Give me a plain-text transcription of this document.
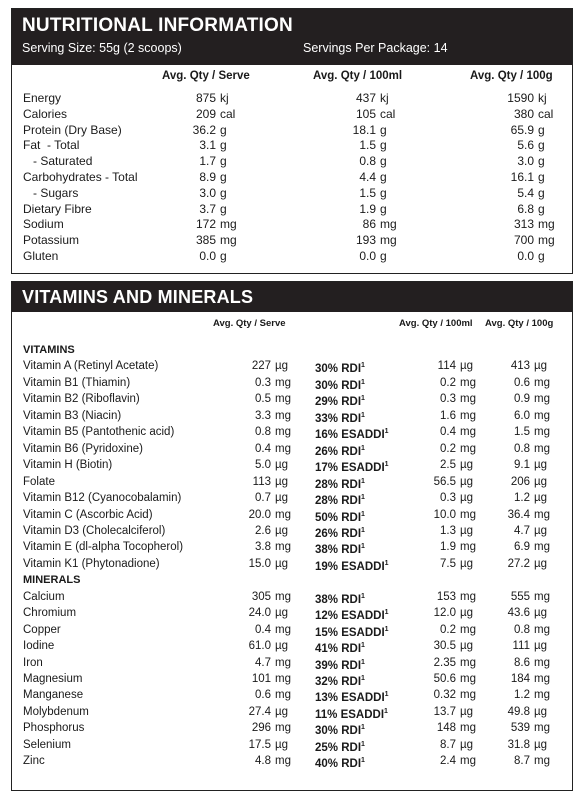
NUTRITIONAL INFORMATION
Serving Size: 55g (2 scoops)	Servings Per Package: 14
Avg. Qty / Serve	Avg. Qty / 100ml	Avg. Qty / 100g
Energy	875 kj	437 kj	1590 kj
Calories	209 cal	105 cal	380 cal
Protein (Dry Base)	36.2 g	18.1 g	65.9 g
Fat  - Total	3.1 g	1.5 g	5.6 g
- Saturated	1.7 g	0.8 g	3.0 g
Carbohydrates - Total	8.9 g	4.4 g	16.1 g
- Sugars	3.0 g	1.5 g	5.4 g
Dietary Fibre	3.7 g	1.9 g	6.8 g
Sodium	172 mg	86 mg	313 mg
Potassium	385 mg	193 mg	700 mg
Gluten	0.0 g	0.0 g	0.0 g
VITAMINS AND MINERALS
Avg. Qty / Serve	Avg. Qty / 100ml Avg. Qty / 100g
VITAMINS
Vitamin A (Retinyl Acetate)	227 µg 30% RDI$^1$	114 µg	413 µg
Vitamin B1 (Thiamin)	0.3 mg 30% RDI$^1$	0.2 mg	0.6 mg
Vitamin B2 (Riboflavin)	0.5 mg 29% RDI$^1$	0.3 mg	0.9 mg
Vitamin B3 (Niacin)	3.3 mg 33% RDI$^1$	1.6 mg	6.0 mg
Vitamin B5 (Pantothenic acid)	0.8 mg 16% ESADDI$^1$	0.4 mg	1.5 mg
Vitamin B6 (Pyridoxine)	0.4 mg 26% RDI$^1$	0.2 mg	0.8 mg
Vitamin H (Biotin)	5.0 µg 17% ESADDI$^1$	2.5 µg	9.1 µg
Folate	113 µg 28% RDI$^1$	56.5 µg	206 µg
Vitamin B12 (Cyanocobalamin)	0.7 µg 28% RDI$^1$	0.3 µg	1.2 µg
Vitamin C (Ascorbic Acid)	20.0 mg 50% RDI$^1$	10.0 mg	36.4 mg
Vitamin D3 (Cholecalciferol)	2.6 µg 26% RDI$^1$	1.3 µg	4.7 µg
Vitamin E (dl-alpha Tocopherol)	3.8 mg 38% RDI$^1$	1.9 mg	6.9 mg
Vitamin K1 (Phytonadione)	15.0 µg 19% ESADDI$^1$	7.5 µg	27.2 µg
MINERALS
Calcium	305 mg 38% RDI$^1$	153 mg	555 mg
Chromium	24.0 µg 12% ESADDI$^1$	12.0 µg	43.6 µg
Copper	0.4 mg 15% ESADDI$^1$	0.2 mg	0.8 mg
Iodine	61.0 µg 41% RDI$^1$	30.5 µg	111 µg
Iron	4.7 mg 39% RDI$^1$	2.35 mg	8.6 mg
Magnesium	101 mg 32% RDI$^1$	50.6 mg	184 mg
Manganese	0.6 mg 13% ESADDI$^1$	0.32 mg	1.2 mg
Molybdenum	27.4 µg 11% ESADDI$^1$	13.7 µg	49.8 µg
Phosphorus	296 mg 30% RDI$^1$	148 mg	539 mg
Selenium	17.5 µg 25% RDI$^1$	8.7 µg	31.8 µg
Zinc	4.8 mg 40% RDI$^1$	2.4 mg	8.7 mg
